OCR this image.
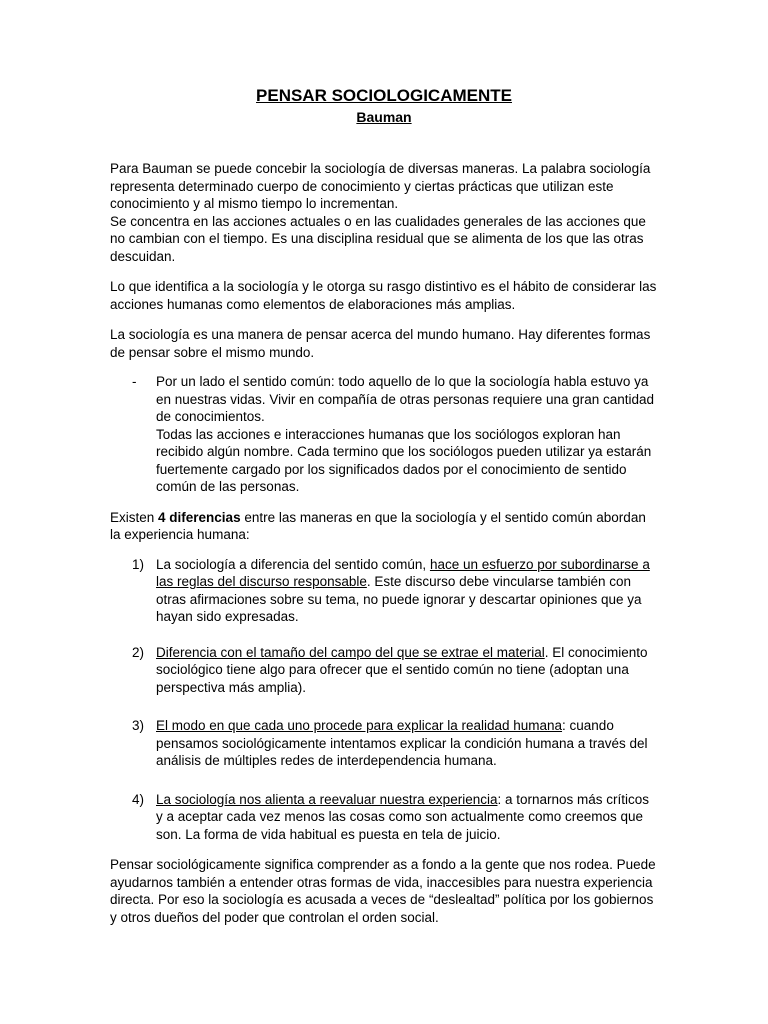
PENSAR SOCIOLOGICAMENTE
Bauman

Para Bauman se puede concebir la sociología de diversas maneras. La palabra sociología representa determinado cuerpo de conocimiento y ciertas prácticas que utilizan este conocimiento y al mismo tiempo lo incrementan.

Se concentra en las acciones actuales o en las cualidades generales de las acciones que no cambian con el tiempo. Es una disciplina residual que se alimenta de los que las otras descuidan.

Lo que identifica a la sociología y le otorga su rasgo distintivo es el hábito de considerar las acciones humanas como elementos de elaboraciones más amplias.

La sociología es una manera de pensar acerca del mundo humano. Hay diferentes formas de pensar sobre el mismo mundo.

- Por un lado el sentido común: todo aquello de lo que la sociología habla estuvo ya en nuestras vidas. Vivir en compañía de otras personas requiere una gran cantidad de conocimientos.

Todas las acciones e interacciones humanas que los sociólogos exploran han recibido algún nombre. Cada termino que los sociólogos pueden utilizar ya estarán fuertemente cargado por los significados dados por el conocimiento de sentido común de las personas.

Existen 4 diferencias entre las maneras en que la sociología y el sentido común abordan la experiencia humana:

1) La sociología a diferencia del sentido común, hace un esfuerzo por subordinarse a las reglas del discurso responsable. Este discurso debe vincularse también con otras afirmaciones sobre su tema, no puede ignorar y descartar opiniones que ya hayan sido expresadas.

2) Diferencia con el tamaño del campo del que se extrae el material. El conocimiento sociológico tiene algo para ofrecer que el sentido común no tiene (adoptan una perspectiva más amplia).

3) El modo en que cada uno procede para explicar la realidad humana: cuando pensamos sociológicamente intentamos explicar la condición humana a través del análisis de múltiples redes de interdependencia humana.

4) La sociología nos alienta a reevaluar nuestra experiencia: a tornarnos más críticos y a aceptar cada vez menos las cosas como son actualmente como creemos que son. La forma de vida habitual es puesta en tela de juicio.

Pensar sociológicamente significa comprender as a fondo a la gente que nos rodea. Puede ayudarnos también a entender otras formas de vida, inaccesibles para nuestra experiencia directa. Por eso la sociología es acusada a veces de “deslealtad” política por los gobiernos y otros dueños del poder que controlan el orden social.
